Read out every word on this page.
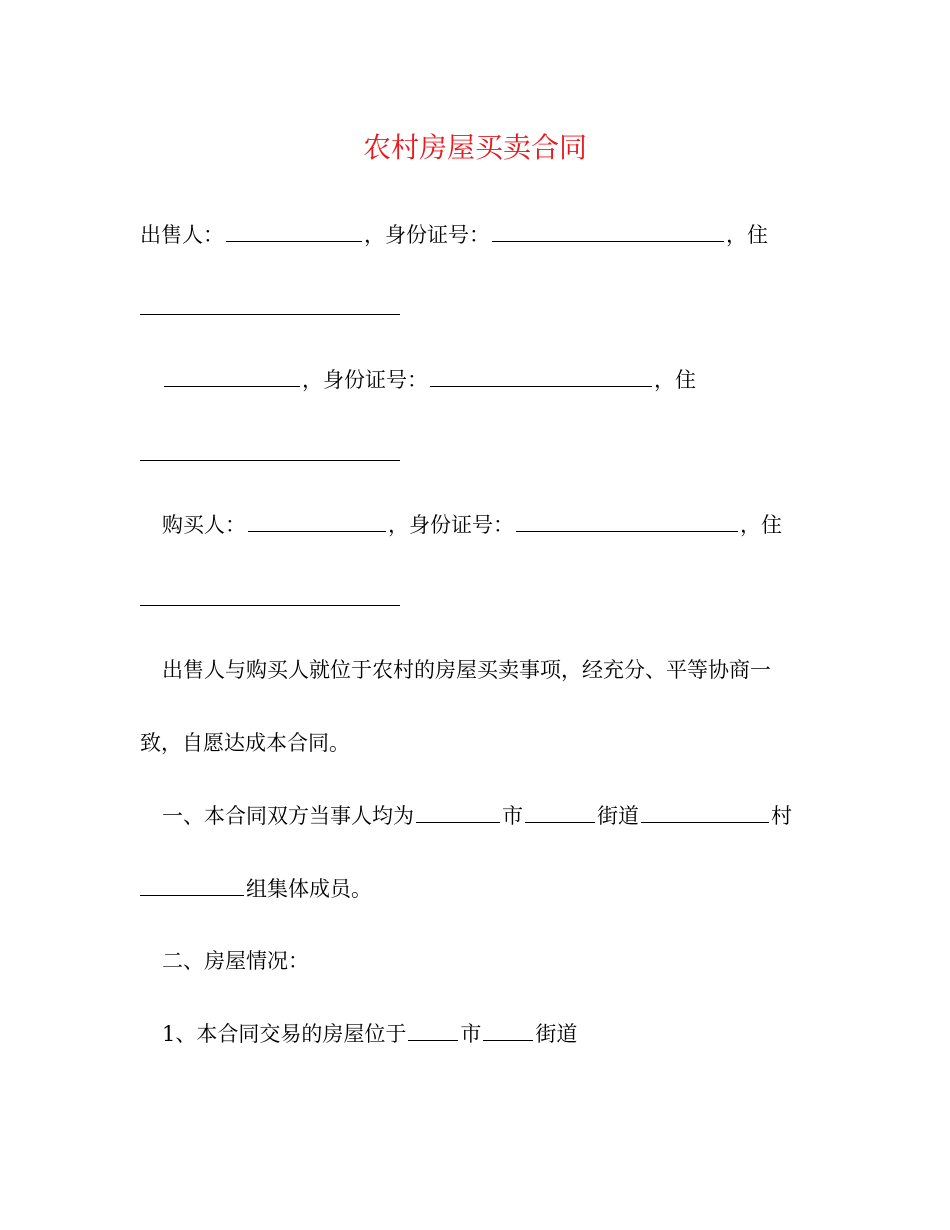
农村房屋买卖合同
出售人：	，身份证号：	，住
，身份证号：	，住
购买人：	，身份证号：	，住
出售人与购买人就位于农村的房屋买卖事项，经充分、平等协商一
致，自愿达成本合同。
一、本合同双方当事人均为	市	街道	村
组集体成员。
二、房屋情况：
1、本合同交易的房屋位于	市	街道
